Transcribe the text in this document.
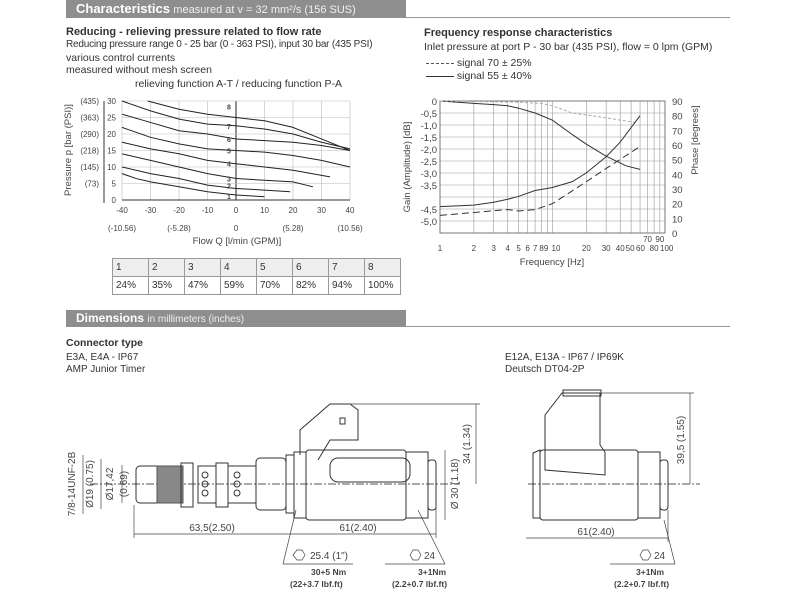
Characteristics measured at v = 32 mm²/s (156 SUS)
Reducing - relieving pressure related to flow rate
Reducing pressure range 0 - 25 bar (0 - 363 PSI), input 30 bar (435 PSI)
various control currents
measured without mesh screen
relieving function A-T / reducing function P-A
Frequency response characteristics
Inlet pressure at port P - 30 bar (435 PSI), flow = 0 lpm (GPM)
signal 70 ± 25%
signal 55 ± 40%
-40 -30 -20 -10	0	10 20 30 40
(-10.56)	(-5.28)	0	(5.28)	(10.56)
0
5
10
15
20
25
30
(73)
(145)
(218)
(290)
(363)
(435)
Flow Q [l/min (GPM)]
Pressure p [bar (PSI)]
1
2
3
4
5
6
7
8	0
-0,5
-1,0
-1,5
-2,0
-2,5
-3,0
-3,5
-4,5
-5,0
0
10
20
30
40
50
60
70
80
90
1	2 3 4 5 6 7 8 9 10	20 30 40 50 60
70
80
90
100
Frequency [Hz]
Gain (Amplitude) [dB]	Phase [degrees]
1	2	3	4	5	6	7	8
24%	35%	47%	59%	70%	82%	94%	100%
Dimensions in millimeters (inches)
Connector type
E3A, E4A - IP67
AMP Junior Timer
E12A, E13A - IP67 / IP69K
Deutsch DT04-2P
7/8-14UNF-2B Ø19 (0.75) Ø17,42 (0.69)
63,5(2.50)	61(2.40)
34 (1.34)
Ø 30 (1.18)
25.4 (1")
30+5 Nm
(22+3.7 lbf.ft)
24
3+1Nm
(2.2+0.7 lbf.ft)
61(2.40)
39,5 (1.55)
24
3+1Nm
(2.2+0.7 lbf.ft)
